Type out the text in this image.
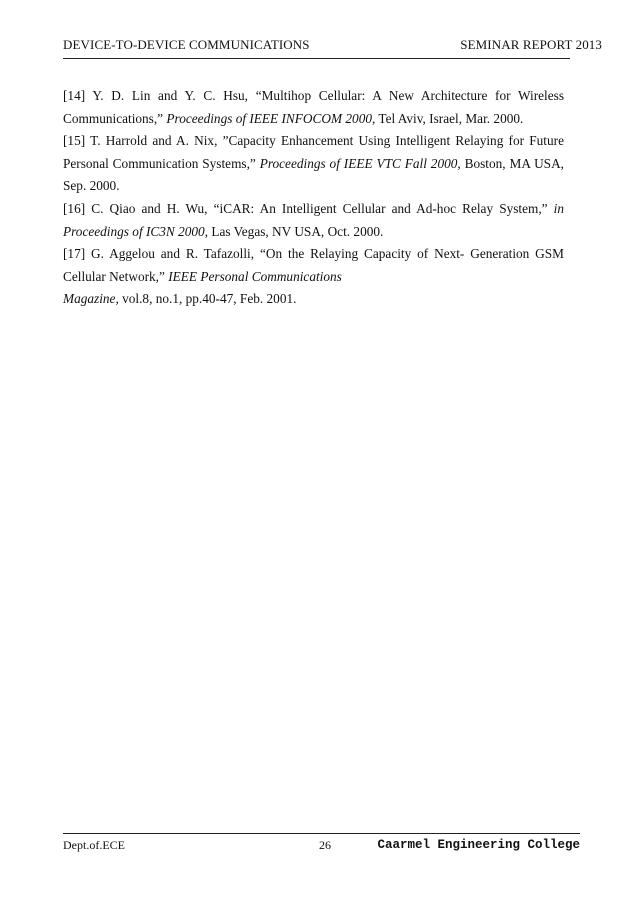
DEVICE-TO-DEVICE COMMUNICATIONS	SEMINAR REPORT 2013

[14] Y. D. Lin and Y. C. Hsu, “Multihop Cellular: A New Architecture for Wireless Communications,” Proceedings of IEEE INFOCOM 2000, Tel Aviv, Israel, Mar. 2000.

[15] T. Harrold and A. Nix, ”Capacity Enhancement Using Intelligent Relaying for Future Personal Communication Systems,” Proceedings of IEEE VTC Fall 2000, Boston, MA USA, Sep. 2000.

[16] C. Qiao and H. Wu, “iCAR: An Intelligent Cellular and Ad-hoc Relay System,” in Proceedings of IC3N 2000, Las Vegas, NV USA, Oct. 2000.

[17] G. Aggelou and R. Tafazolli, “On the Relaying Capacity of Next- Generation GSM Cellular Network,” IEEE Personal Communications
Magazine, vol.8, no.1, pp.40-47, Feb. 2001.

Dept.of.ECE	26	Caarmel Engineering College
